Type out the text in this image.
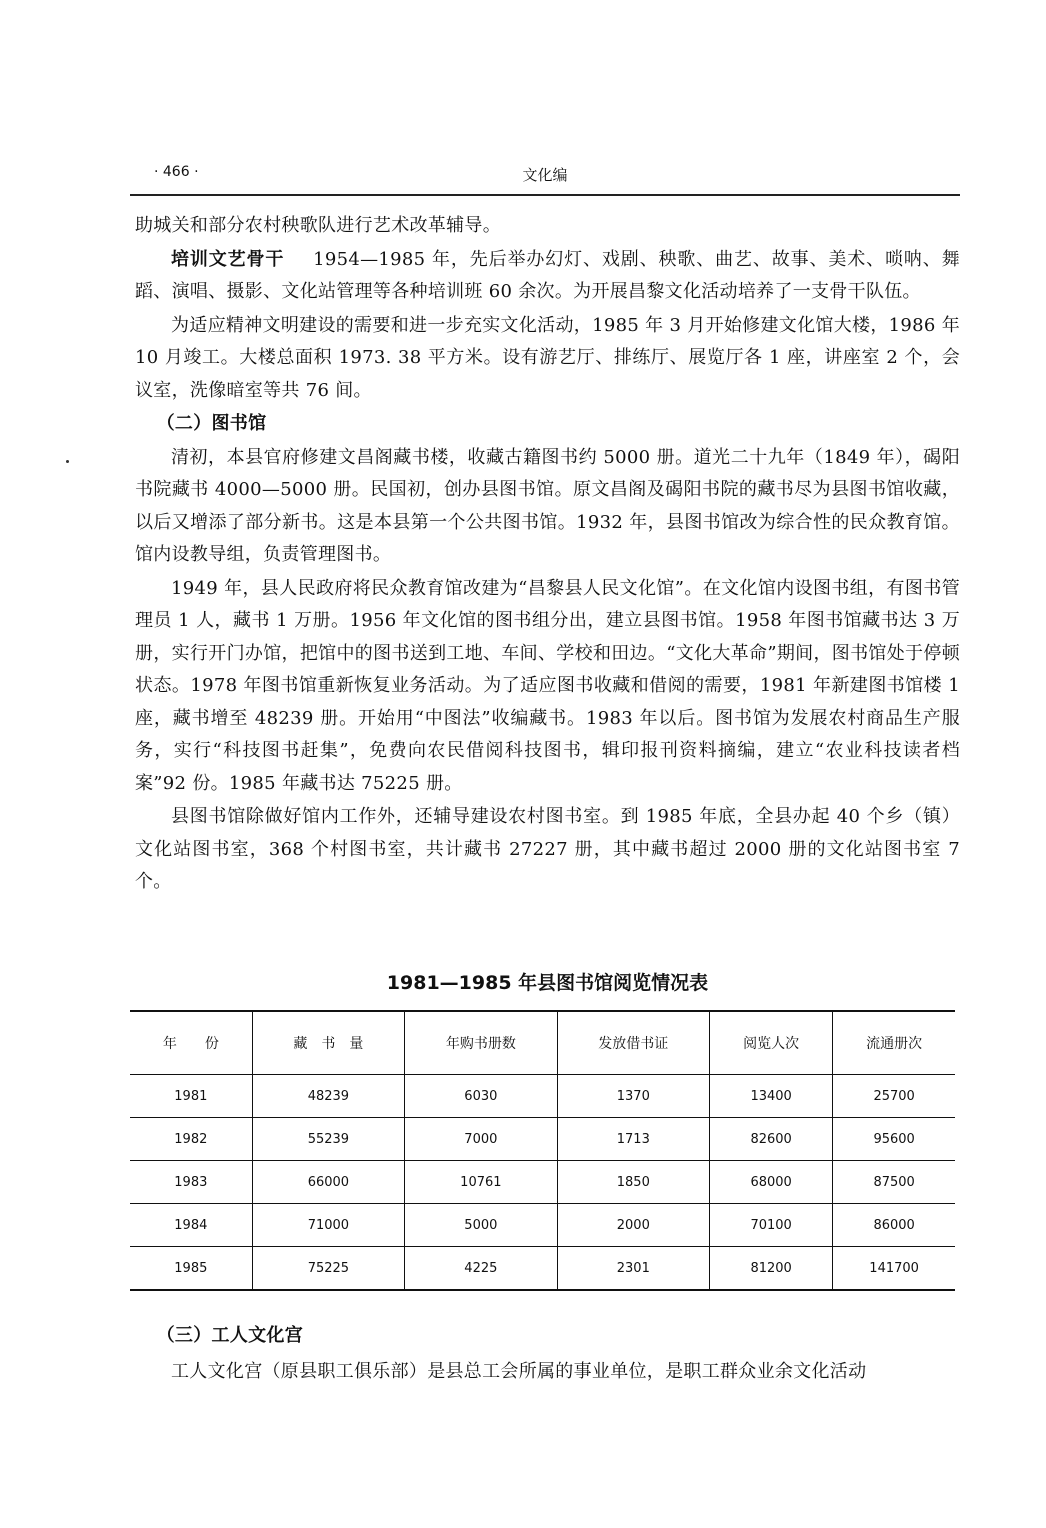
· 466 ·	文化编

助城关和部分农村秧歌队进行艺术改革辅导。

培训文艺骨干 1954—1985 年，先后举办幻灯、戏剧、秧歌、曲艺、故事、美术、唢呐、舞蹈、演唱、摄影、文化站管理等各种培训班 60 余次。为开展昌黎文化活动培养了一支骨干队伍。

为适应精神文明建设的需要和进一步充实文化活动，1985 年 3 月开始修建文化馆大楼，1986 年 10 月竣工。大楼总面积 1973. 38 平方米。设有游艺厅、排练厅、展览厅各 1 座，讲座室 2 个，会议室，洗像暗室等共 76 间。

（二）图书馆

清初，本县官府修建文昌阁藏书楼，收藏古籍图书约 5000 册。道光二十九年（1849 年），碣阳书院藏书 4000—5000 册。民国初，创办县图书馆。原文昌阁及碣阳书院的藏书尽为县图书馆收藏，以后又增添了部分新书。这是本县第一个公共图书馆。1932 年，县图书馆改为综合性的民众教育馆。馆内设教导组，负责管理图书。

1949 年，县人民政府将民众教育馆改建为“昌黎县人民文化馆”。在文化馆内设图书组，有图书管理员 1 人，藏书 1 万册。1956 年文化馆的图书组分出，建立县图书馆。1958 年图书馆藏书达 3 万册，实行开门办馆，把馆中的图书送到工地、车间、学校和田边。“文化大革命”期间，图书馆处于停顿状态。1978 年图书馆重新恢复业务活动。为了适应图书收藏和借阅的需要，1981 年新建图书馆楼 1 座，藏书增至 48239 册。开始用“中图法”收编藏书。1983 年以后。图书馆为发展农村商品生产服务，实行“科技图书赶集”，免费向农民借阅科技图书，辑印报刊资料摘编，建立“农业科技读者档案”92 份。1985 年藏书达 75225 册。

县图书馆除做好馆内工作外，还辅导建设农村图书室。到 1985 年底，全县办起 40 个乡（镇）文化站图书室，368 个村图书室，共计藏书 27227 册，其中藏书超过 2000 册的文化站图书室 7 个。

1981—1985 年县图书馆阅览情况表
年　　份	藏　书　量	年购书册数	发放借书证	阅览人次	流通册次
1981	48239	6030	1370	13400	25700
1982	55239	7000	1713	82600	95600
1983	66000	10761	1850	68000	87500
1984	71000	5000	2000	70100	86000
1985	75225	4225	2301	81200	141700

（三）工人文化宫

工人文化宫（原县职工俱乐部）是县总工会所属的事业单位，是职工群众业余文化活动
